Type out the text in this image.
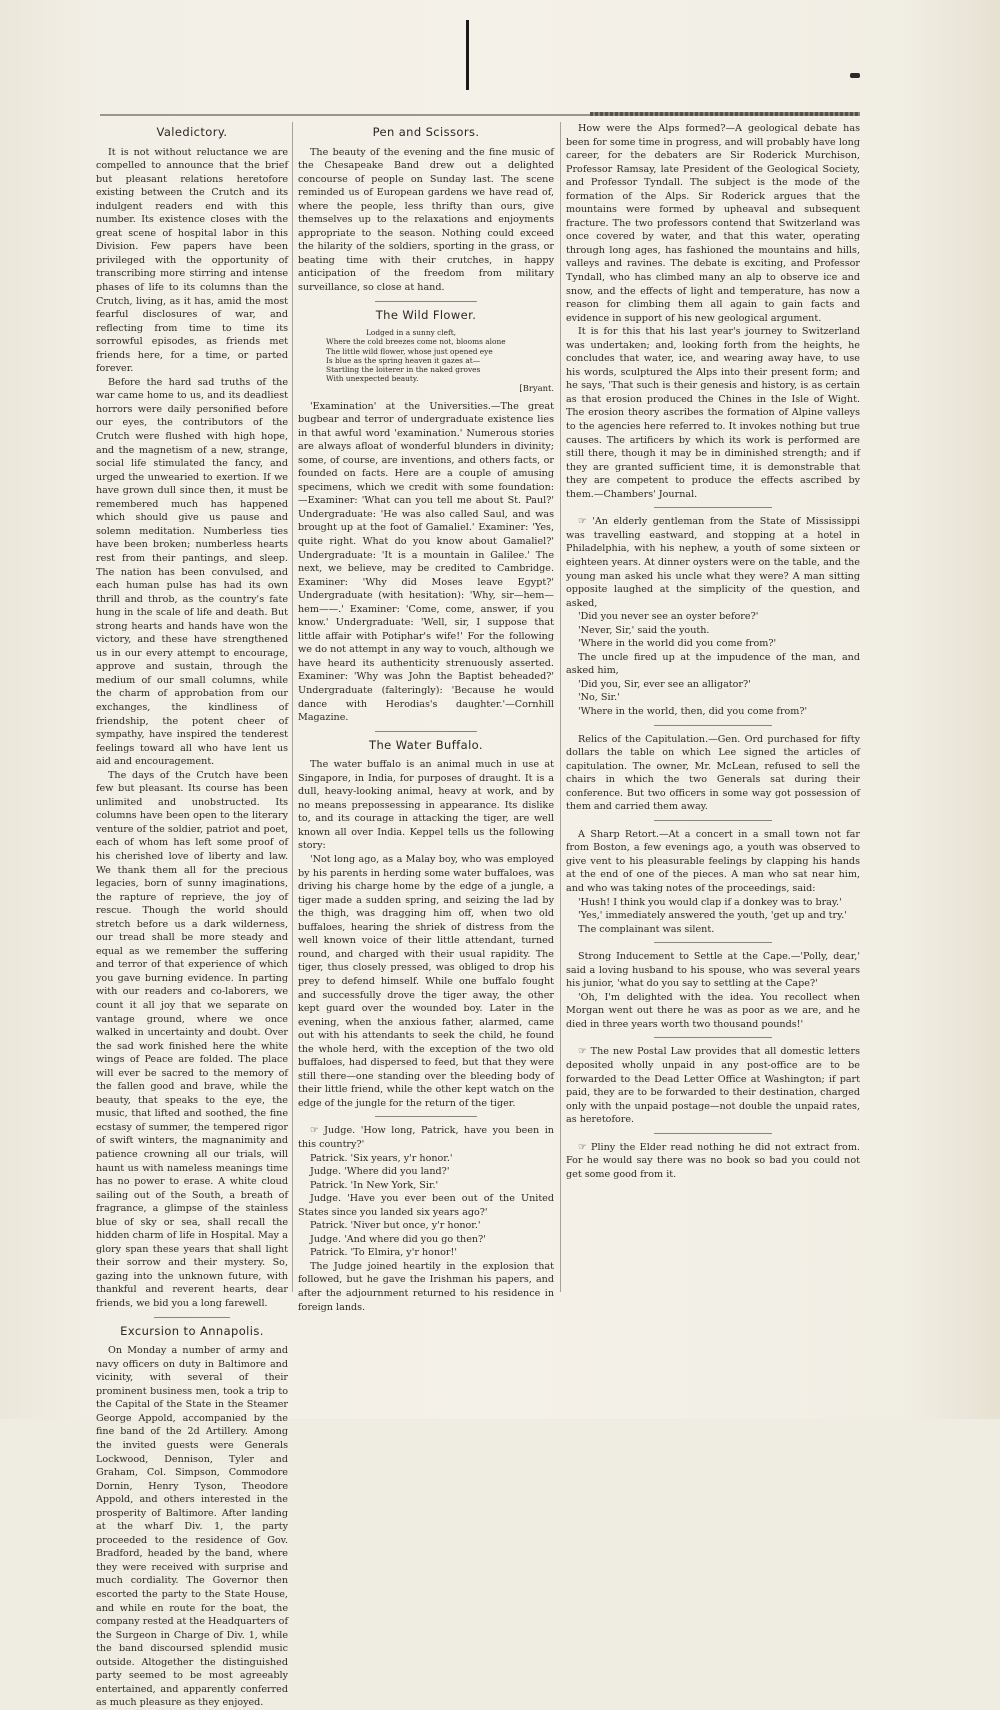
Valedictory.

It is not without reluctance we are compelled to announce that the brief but pleasant relations heretofore existing between the Crutch and its indulgent readers end with this number. Its existence closes with the great scene of hospital labor in this Division. Few papers have been privileged with the opportunity of transcribing more stirring and intense phases of life to its columns than the Crutch, living, as it has, amid the most fearful disclosures of war, and reflecting from time to time its sorrowful episodes, as friends met friends here, for a time, or parted forever.

Before the hard sad truths of the war came home to us, and its deadliest horrors were daily personified before our eyes, the contributors of the Crutch were flushed with high hope, and the magnetism of a new, strange, social life stimulated the fancy, and urged the unwearied to exertion. If we have grown dull since then, it must be remembered much has happened which should give us pause and solemn meditation. Numberless ties have been broken; numberless hearts rest from their pantings, and sleep. The nation has been convulsed, and each human pulse has had its own thrill and throb, as the country's fate hung in the scale of life and death. But strong hearts and hands have won the victory, and these have strengthened us in our every attempt to encourage, approve and sustain, through the medium of our small columns, while the charm of approbation from our exchanges, the kindliness of friendship, the potent cheer of sympathy, have inspired the tenderest feelings toward all who have lent us aid and encouragement.

The days of the Crutch have been few but pleasant. Its course has been unlimited and unobstructed. Its columns have been open to the literary venture of the soldier, patriot and poet, each of whom has left some proof of his cherished love of liberty and law. We thank them all for the precious legacies, born of sunny imaginations, the rapture of reprieve, the joy of rescue. Though the world should stretch before us a dark wilderness, our tread shall be more steady and equal as we remember the suffering and terror of that experience of which you gave burning evidence. In parting with our readers and co-laborers, we count it all joy that we separate on vantage ground, where we once walked in uncertainty and doubt. Over the sad work finished here the white wings of Peace are folded. The place will ever be sacred to the memory of the fallen good and brave, while the beauty, that speaks to the eye, the music, that lifted and soothed, the fine ecstasy of summer, the tempered rigor of swift winters, the magnanimity and patience crowning all our trials, will haunt us with nameless meanings time has no power to erase. A white cloud sailing out of the South, a breath of fragrance, a glimpse of the stainless blue of sky or sea, shall recall the hidden charm of life in Hospital. May a glory span these years that shall light their sorrow and their mystery. So, gazing into the unknown future, with thankful and reverent hearts, dear friends, we bid you a long farewell.

Excursion to Annapolis.

On Monday a number of army and navy officers on duty in Baltimore and vicinity, with several of their prominent business men, took a trip to the Capital of the State in the Steamer George Appold, accompanied by the fine band of the 2d Artillery. Among the invited guests were Generals Lockwood, Dennison, Tyler and Graham, Col. Simpson, Commodore Dornin, Henry Tyson, Theodore Appold, and others interested in the prosperity of Baltimore. After landing at the wharf Div. 1, the party proceeded to the residence of Gov. Bradford, headed by the band, where they were received with surprise and much cordiality. The Governor then escorted the party to the State House, and while en route for the boat, the company rested at the Headquarters of the Surgeon in Charge of Div. 1, while the band discoursed splendid music outside. Altogether the distinguished party seemed to be most agreeably entertained, and apparently conferred as much pleasure as they enjoyed.

Pen and Scissors.

The beauty of the evening and the fine music of the Chesapeake Band drew out a delighted concourse of people on Sunday last. The scene reminded us of European gardens we have read of, where the people, less thrifty than ours, give themselves up to the relaxations and enjoyments appropriate to the season. Nothing could exceed the hilarity of the soldiers, sporting in the grass, or beating time with their crutches, in happy anticipation of the freedom from military surveillance, so close at hand.

The Wild Flower.
Lodged in a sunny cleft,
Where the cold breezes come not, blooms alone
The little wild flower, whose just opened eye
Is blue as the spring heaven it gazes at—
Startling the loiterer in the naked groves
With unexpected beauty.
[Bryant.

'Examination' at the Universities.—The great bugbear and terror of undergraduate existence lies in that awful word 'examination.' Numerous stories are always afloat of wonderful blunders in divinity; some, of course, are inventions, and others facts, or founded on facts. Here are a couple of amusing specimens, which we credit with some foundation:—Examiner: 'What can you tell me about St. Paul?' Undergraduate: 'He was also called Saul, and was brought up at the foot of Gamaliel.' Examiner: 'Yes, quite right. What do you know about Gamaliel?' Undergraduate: 'It is a mountain in Galilee.' The next, we believe, may be credited to Cambridge. Examiner: 'Why did Moses leave Egypt?' Undergraduate (with hesitation): 'Why, sir—hem—hem——.' Examiner: 'Come, come, answer, if you know.' Undergraduate: 'Well, sir, I suppose that little affair with Potiphar's wife!' For the following we do not attempt in any way to vouch, although we have heard its authenticity strenuously asserted. Examiner: 'Why was John the Baptist beheaded?' Undergraduate (falteringly): 'Because he would dance with Herodias's daughter.'—Cornhill Magazine.

The Water Buffalo.

The water buffalo is an animal much in use at Singapore, in India, for purposes of draught. It is a dull, heavy-looking animal, heavy at work, and by no means prepossessing in appearance. Its dislike to, and its courage in attacking the tiger, are well known all over India. Keppel tells us the following story:

'Not long ago, as a Malay boy, who was employed by his parents in herding some water buffaloes, was driving his charge home by the edge of a jungle, a tiger made a sudden spring, and seizing the lad by the thigh, was dragging him off, when two old buffaloes, hearing the shriek of distress from the well known voice of their little attendant, turned round, and charged with their usual rapidity. The tiger, thus closely pressed, was obliged to drop his prey to defend himself. While one buffalo fought and successfully drove the tiger away, the other kept guard over the wounded boy. Later in the evening, when the anxious father, alarmed, came out with his attendants to seek the child, he found the whole herd, with the exception of the two old buffaloes, had dispersed to feed, but that they were still there—one standing over the bleeding body of their little friend, while the other kept watch on the edge of the jungle for the return of the tiger.

☞ Judge. 'How long, Patrick, have you been in this country?'

Patrick. 'Six years, y'r honor.'

Judge. 'Where did you land?'

Patrick. 'In New York, Sir.'

Judge. 'Have you ever been out of the United States since you landed six years ago?'

Patrick. 'Niver but once, y'r honor.'

Judge. 'And where did you go then?'

Patrick. 'To Elmira, y'r honor!'

The Judge joined heartily in the explosion that followed, but he gave the Irishman his papers, and after the adjournment returned to his residence in foreign lands.

How were the Alps formed?—A geological debate has been for some time in progress, and will probably have long career, for the debaters are Sir Roderick Murchison, Professor Ramsay, late President of the Geological Society, and Professor Tyndall. The subject is the mode of the formation of the Alps. Sir Roderick argues that the mountains were formed by upheaval and subsequent fracture. The two professors contend that Switzerland was once covered by water, and that this water, operating through long ages, has fashioned the mountains and hills, valleys and ravines. The debate is exciting, and Professor Tyndall, who has climbed many an alp to observe ice and snow, and the effects of light and temperature, has now a reason for climbing them all again to gain facts and evidence in support of his new geological argument.

It is for this that his last year's journey to Switzerland was undertaken; and, looking forth from the heights, he concludes that water, ice, and wearing away have, to use his words, sculptured the Alps into their present form; and he says, 'That such is their genesis and history, is as certain as that erosion produced the Chines in the Isle of Wight. The erosion theory ascribes the formation of Alpine valleys to the agencies here referred to. It invokes nothing but true causes. The artificers by which its work is performed are still there, though it may be in diminished strength; and if they are granted sufficient time, it is demonstrable that they are competent to produce the effects ascribed by them.—Chambers' Journal.

☞ 'An elderly gentleman from the State of Mississippi was travelling eastward, and stopping at a hotel in Philadelphia, with his nephew, a youth of some sixteen or eighteen years. At dinner oysters were on the table, and the young man asked his uncle what they were? A man sitting opposite laughed at the simplicity of the question, and asked,

'Did you never see an oyster before?'

'Never, Sir,' said the youth.

'Where in the world did you come from?'

The uncle fired up at the impudence of the man, and asked him,

'Did you, Sir, ever see an alligator?'

'No, Sir.'

'Where in the world, then, did you come from?'

Relics of the Capitulation.—Gen. Ord purchased for fifty dollars the table on which Lee signed the articles of capitulation. The owner, Mr. McLean, refused to sell the chairs in which the two Generals sat during their conference. But two officers in some way got possession of them and carried them away.

A Sharp Retort.—At a concert in a small town not far from Boston, a few evenings ago, a youth was observed to give vent to his pleasurable feelings by clapping his hands at the end of one of the pieces. A man who sat near him, and who was taking notes of the proceedings, said:

'Hush! I think you would clap if a donkey was to bray.'

'Yes,' immediately answered the youth, 'get up and try.'

The complainant was silent.

Strong Inducement to Settle at the Cape.—'Polly, dear,' said a loving husband to his spouse, who was several years his junior, 'what do you say to settling at the Cape?'

'Oh, I'm delighted with the idea. You recollect when Morgan went out there he was as poor as we are, and he died in three years worth two thousand pounds!'

☞ The new Postal Law provides that all domestic letters deposited wholly unpaid in any post-office are to be forwarded to the Dead Letter Office at Washington; if part paid, they are to be forwarded to their destination, charged only with the unpaid postage—not double the unpaid rates, as heretofore.

☞ Pliny the Elder read nothing he did not extract from. For he would say there was no book so bad you could not get some good from it.
